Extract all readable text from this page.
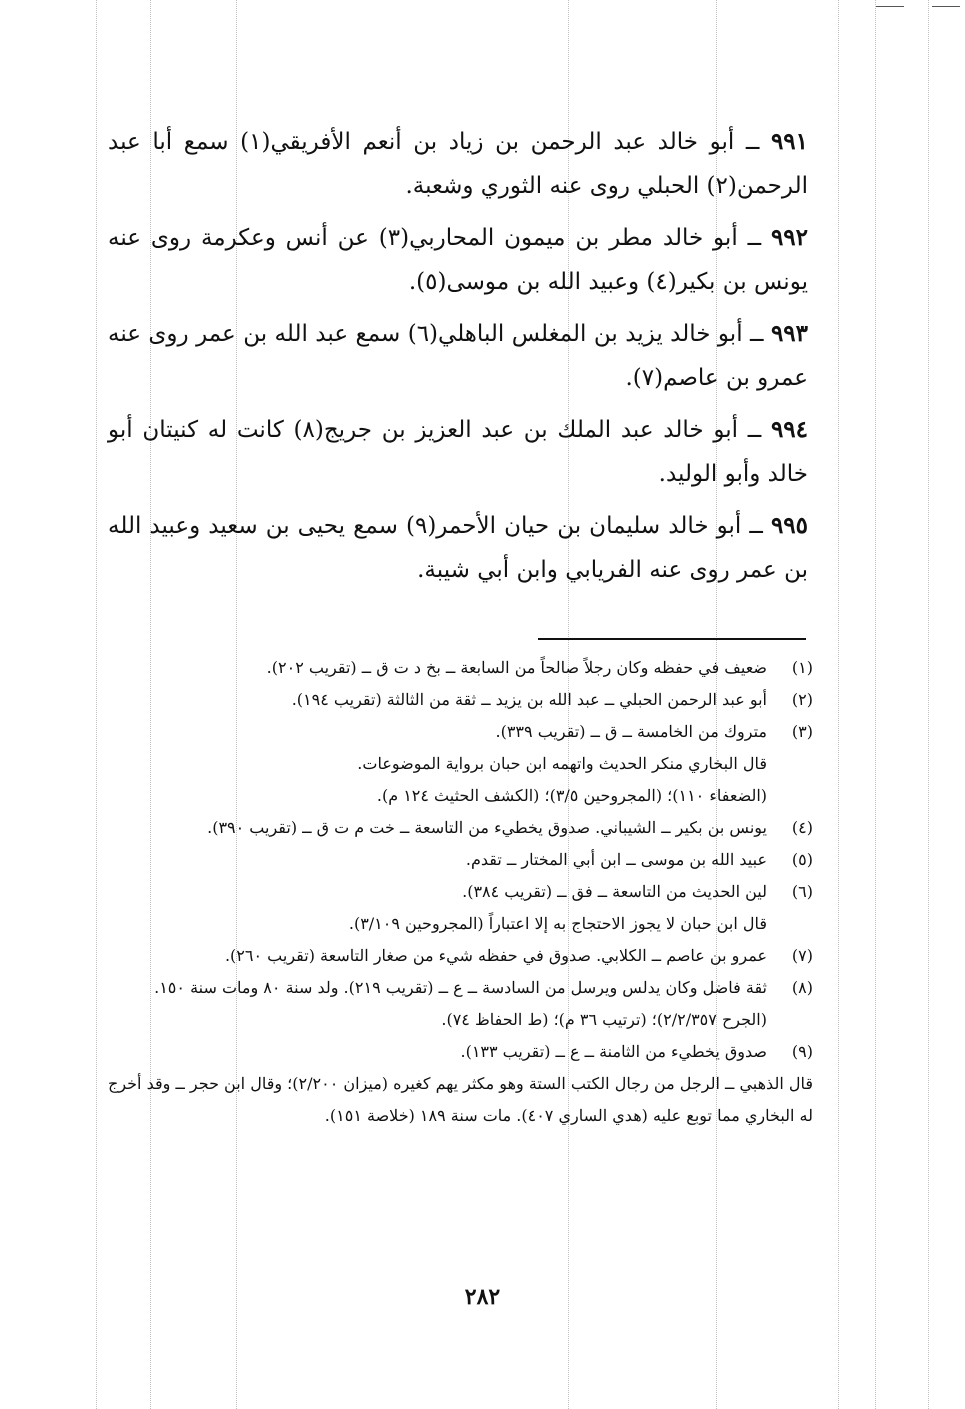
٩٩١ ــ أبو خالد عبد الرحمن بن زياد بن أنعم الأفريقي(١) سمع أبا عبد الرحمن(٢) الحبلي روى عنه الثوري وشعبة.
٩٩٢ ــ أبو خالد مطر بن ميمون المحاربي(٣) عن أنس وعكرمة روى عنه يونس بن بكير(٤) وعبيد الله بن موسى(٥).
٩٩٣ ــ أبو خالد يزيد بن المغلس الباهلي(٦) سمع عبد الله بن عمر روى عنه عمرو بن عاصم(٧).
٩٩٤ ــ أبو خالد عبد الملك بن عبد العزيز بن جريج(٨) كانت له كنيتان أبو خالد وأبو الوليد.
٩٩٥ ــ أبو خالد سليمان بن حيان الأحمر(٩) سمع يحيى بن سعيد وعبيد الله بن عمر روى عنه الفريابي وابن أبي شيبة.
(١)
ضعيف في حفظه وكان رجلاً صالحاً من السابعة ــ بخ د ت ق ــ (تقريب ٢٠٢).
(٢)
أبو عبد الرحمن الحبلي ــ عبد الله بن يزيد ــ ثقة من الثالثة (تقريب ١٩٤).
(٣)
متروك من الخامسة ــ ق ــ (تقريب ٣٣٩).
قال البخاري منكر الحديث واتهمه ابن حبان برواية الموضوعات.
(الضعفاء ١١٠)؛ (المجروحين ٣/٥)؛ (الكشف الحثيث ١٢٤ م).
(٤)
يونس بن بكير ــ الشيباني. صدوق يخطيء من التاسعة ــ خت م ت ق ــ (تقريب ٣٩٠).
(٥)
عبيد الله بن موسى ــ ابن أبي المختار ــ تقدم.
(٦)
لين الحديث من التاسعة ــ فق ــ (تقريب ٣٨٤).
قال ابن حبان لا يجوز الاحتجاج به إلا اعتباراً (المجروحين ٣/١٠٩).
(٧)
عمرو بن عاصم ــ الكلابي. صدوق في حفظه شيء من صغار التاسعة (تقريب ٢٦٠).
(٨)
ثقة فاضل وكان يدلس ويرسل من السادسة ــ ع ــ (تقريب ٢١٩). ولد سنة ٨٠ ومات سنة ١٥٠.
(الجرح ٢/٢/٣٥٧)؛ (ترتيب ٣٦ م)؛ (ط الحفاظ ٧٤).
(٩)
صدوق يخطيء من الثامنة ــ ع ــ (تقريب ١٣٣).
قال الذهبي ــ الرجل من رجال الكتب الستة وهو مكثر يهم كغيره (ميزان ٢/٢٠٠)؛ وقال ابن حجر ــ وقد أخرج له البخاري مما توبع عليه (هدي الساري ٤٠٧). مات سنة ١٨٩ (خلاصة ١٥١).
٢٨٢
